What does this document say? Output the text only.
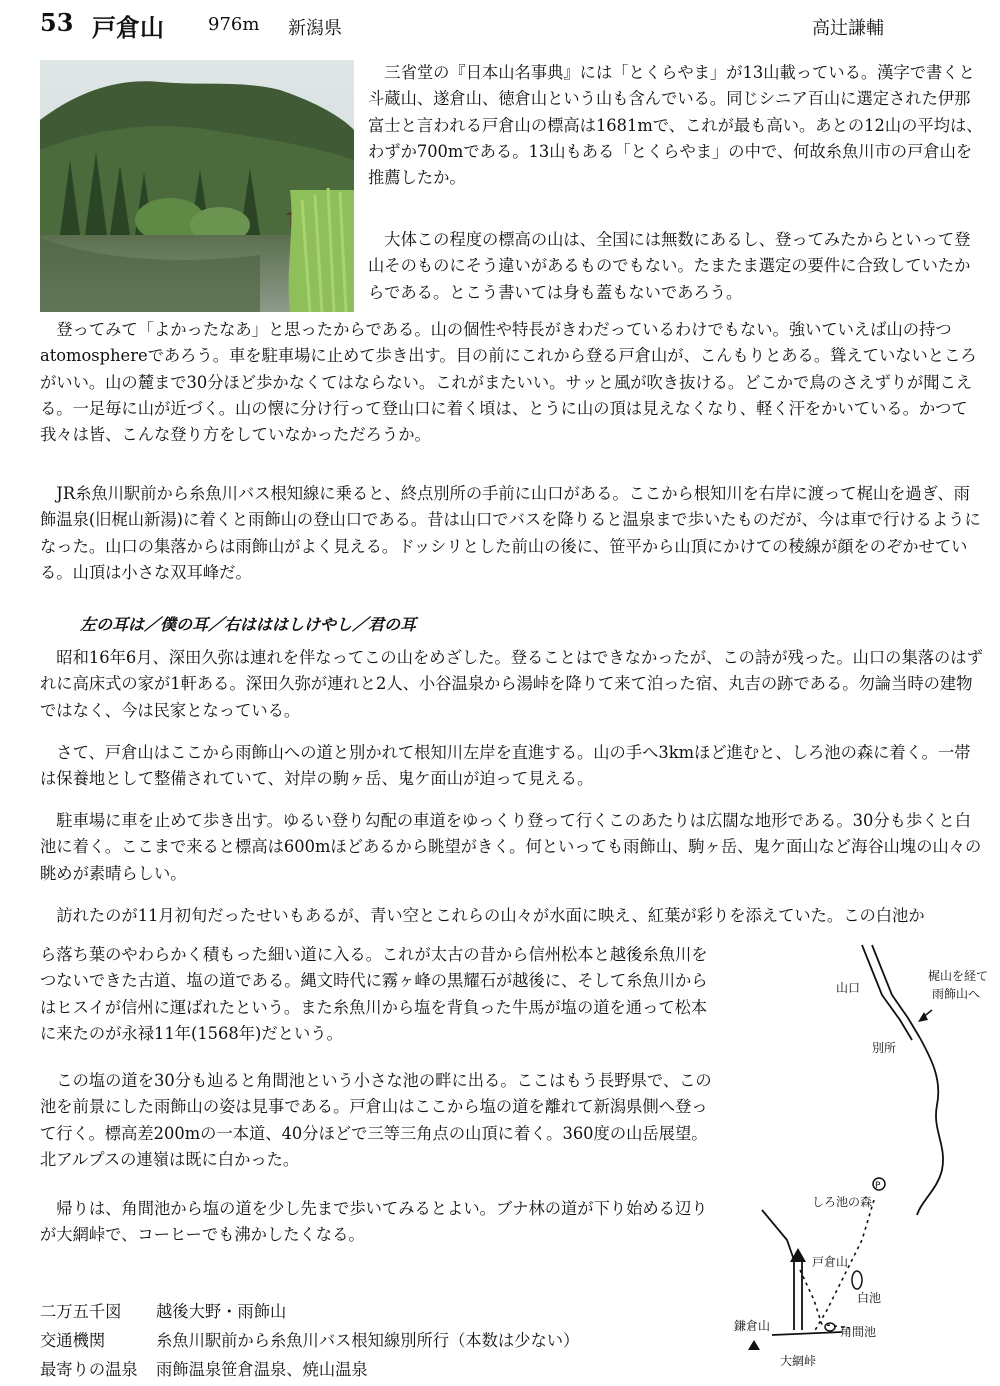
53 戸倉山 976m 新潟県	高辻謙輔

三省堂の『日本山名事典』には「とくらやま」が13山載っている。漢字で書くと斗蔵山、遂倉山、徳倉山という山も含んでいる。同じシニア百山に選定された伊那富士と言われる戸倉山の標高は1681mで、これが最も高い。あとの12山の平均は、わずか700mである。13山もある「とくらやま」の中で、何故糸魚川市の戸倉山を推薦したか。

大体この程度の標高の山は、全国には無数にあるし、登ってみたからといって登山そのものにそう違いがあるものでもない。たまたま選定の要件に合致していたからである。とこう書いては身も蓋もないであろう。

登ってみて「よかったなあ」と思ったからである。山の個性や特長がきわだっているわけでもない。強いていえば山の持つatomosphereであろう。車を駐車場に止めて歩き出す。目の前にこれから登る戸倉山が、こんもりとある。聳えていないところがいい。山の麓まで30分ほど歩かなくてはならない。これがまたいい。サッと風が吹き抜ける。どこかで鳥のさえずりが聞こえる。一足毎に山が近づく。山の懐に分け行って登山口に着く頃は、とうに山の頂は見えなくなり、軽く汗をかいている。かつて我々は皆、こんな登り方をしていなかっただろうか。

JR糸魚川駅前から糸魚川バス根知線に乗ると、終点別所の手前に山口がある。ここから根知川を右岸に渡って梶山を過ぎ、雨飾温泉(旧梶山新湯)に着くと雨飾山の登山口である。昔は山口でバスを降りると温泉まで歩いたものだが、今は車で行けるようになった。山口の集落からは雨飾山がよく見える。ドッシリとした前山の後に、笹平から山頂にかけての稜線が顔をのぞかせている。山頂は小さな双耳峰だ。

左の耳は／僕の耳／右はははしけやし／君の耳

昭和16年6月、深田久弥は連れを伴なってこの山をめざした。登ることはできなかったが、この詩が残った。山口の集落のはずれに高床式の家が1軒ある。深田久弥が連れと2人、小谷温泉から湯峠を降りて来て泊った宿、丸吉の跡である。勿論当時の建物ではなく、今は民家となっている。

さて、戸倉山はここから雨飾山への道と別かれて根知川左岸を直進する。山の手へ3kmほど進むと、しろ池の森に着く。一帯は保養地として整備されていて、対岸の駒ヶ岳、鬼ケ面山が迫って見える。

駐車場に車を止めて歩き出す。ゆるい登り勾配の車道をゆっくり登って行くこのあたりは広闊な地形である。30分も歩くと白池に着く。ここまで来ると標高は600mほどあるから眺望がきく。何といっても雨飾山、駒ヶ岳、鬼ケ面山など海谷山塊の山々の眺めが素晴らしい。

訪れたのが11月初旬だったせいもあるが、青い空とこれらの山々が水面に映え、紅葉が彩りを添えていた。この白池か

ら落ち葉のやわらかく積もった細い道に入る。これが太古の昔から信州松本と越後糸魚川をつないできた古道、塩の道である。縄文時代に霧ヶ峰の黒耀石が越後に、そして糸魚川からはヒスイが信州に運ばれたという。また糸魚川から塩を背負った牛馬が塩の道を通って松本に来たのが永禄11年(1568年)だという。

この塩の道を30分も辿ると角間池という小さな池の畔に出る。ここはもう長野県で、この池を前景にした雨飾山の姿は見事である。戸倉山はここから塩の道を離れて新潟県側へ登って行く。標高差200mの一本道、40分ほどで三等三角点の山頂に着く。360度の山岳展望。北アルプスの連嶺は既に白かった。

帰りは、角間池から塩の道を少し先まで歩いてみるとよい。ブナ林の道が下り始める辺りが大網峠で、コーヒーでも沸かしたくなる。

二万五千図 越後大野・雨飾山
交通機関	糸魚川駅前から糸魚川バス根知線別所行（本数は少ない）
最寄りの温泉 雨飾温泉笹倉温泉、焼山温泉
P
山口
梶山を経て
雨飾山へ
別所
しろ池の森
戸倉山
白池
角間池
鎌倉山
大網峠
